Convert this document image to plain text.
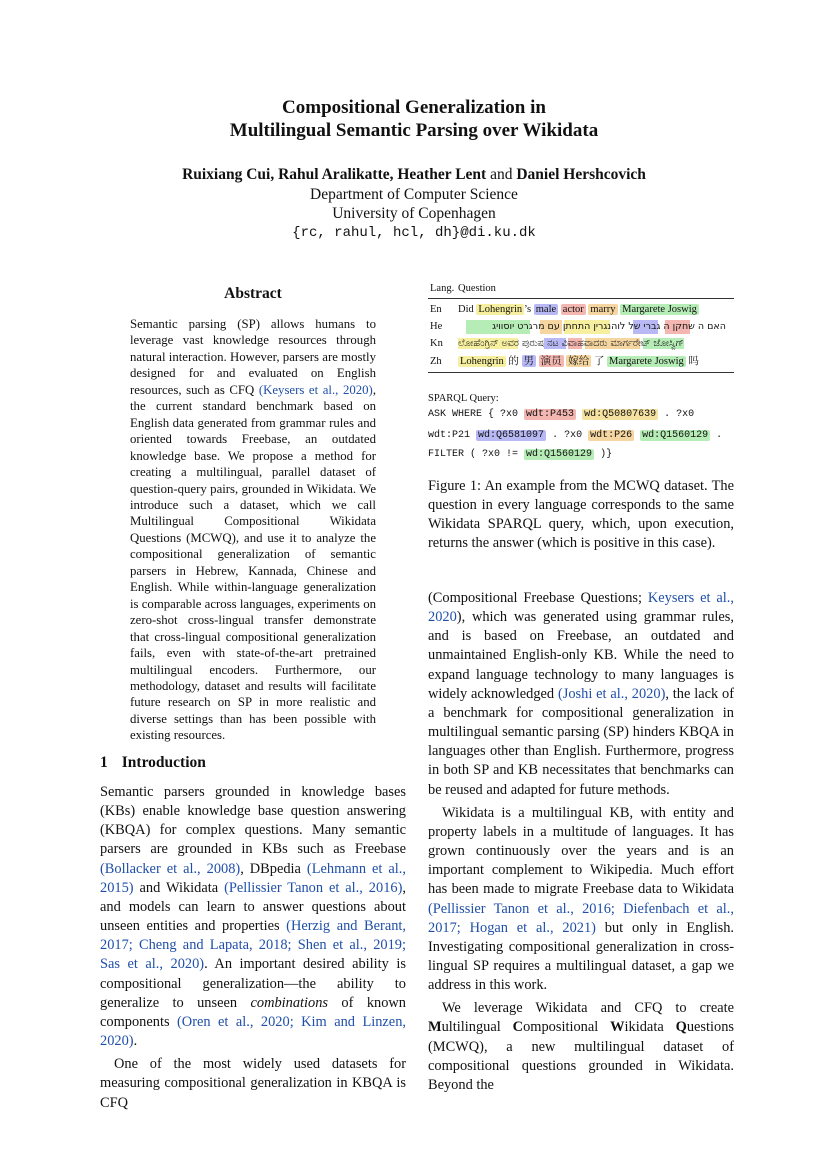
Compositional Generalization in
Multilingual Semantic Parsing over Wikidata
Ruixiang Cui, Rahul Aralikatte, Heather Lent and Daniel Hershcovich
Department of Computer Science
University of Copenhagen
{rc, rahul, hcl, dh}@di.ku.dk
Abstract
Semantic parsing (SP) allows humans to leverage vast knowledge resources through natural interaction. However, parsers are mostly designed for and evaluated on English resources, such as CFQ (Keysers et al., 2020), the current standard benchmark based on English data generated from grammar rules and oriented towards Freebase, an outdated knowledge base. We propose a method for creating a multilingual, parallel dataset of question-query pairs, grounded in Wikidata. We introduce such a dataset, which we call Multilingual Compositional Wikidata Questions (MCWQ), and use it to analyze the compositional generalization of semantic parsers in Hebrew, Kannada, Chinese and English. While within-language generalization is comparable across languages, experiments on zero-shot cross-lingual transfer demonstrate that cross-lingual compositional generalization fails, even with state-of-the-art pretrained multilingual encoders. Furthermore, our methodology, dataset and results will facilitate future research on SP in more realistic and diverse settings than has been possible with existing resources.
1 Introduction

Semantic parsers grounded in knowledge bases (KBs) enable knowledge base question answering (KBQA) for complex questions. Many semantic parsers are grounded in KBs such as Freebase (Bollacker et al., 2008), DBpedia (Lehmann et al., 2015) and Wikidata (Pellissier Tanon et al., 2016), and models can learn to answer questions about unseen entities and properties (Herzig and Berant, 2017; Cheng and Lapata, 2018; Shen et al., 2019; Sas et al., 2020). An important desired ability is compositional generalization—the ability to generalize to unseen combinations of known components (Oren et al., 2020; Kim and Linzen, 2020).

One of the most widely used datasets for measuring compositional generalization in KBQA is CFQ

Lang. Question
En Did Lohengrin ’s male actor marry Margarete Joswig
He	האם ה שחקן ה גברי של לוהנגרין התחתן עם מרגרט יוסוויג
Kn ಲೋಹೆಂಗ್ರಿನ್ ಅವರ ಪುರುಷ ನಟ ವಿವಾಹವಾದರು ಮಾರ್ಗರೇಟ್ ಜೋಸ್ವಿಗ್
Zh Lohengrin 的 男 演员 嫁给 了 Margarete Joswig 吗
SPARQL Query:
ASK WHERE { ?x0 wdt:P453 wd:Q50807639 . ?x0
wdt:P21 wd:Q6581097 . ?x0 wdt:P26 wd:Q1560129 .
FILTER ( ?x0 != wd:Q1560129 )}
Figure 1: An example from the MCWQ dataset. The question in every language corresponds to the same Wikidata SPARQL query, which, upon execution, returns the answer (which is positive in this case).

(Compositional Freebase Questions; Keysers et al., 2020), which was generated using grammar rules, and is based on Freebase, an outdated and unmaintained English-only KB. While the need to expand language technology to many languages is widely acknowledged (Joshi et al., 2020), the lack of a benchmark for compositional generalization in multilingual semantic parsing (SP) hinders KBQA in languages other than English. Furthermore, progress in both SP and KB necessitates that benchmarks can be reused and adapted for future methods.

Wikidata is a multilingual KB, with entity and property labels in a multitude of languages. It has grown continuously over the years and is an important complement to Wikipedia. Much effort has been made to migrate Freebase data to Wikidata (Pellissier Tanon et al., 2016; Diefenbach et al., 2017; Hogan et al., 2021) but only in English. Investigating compositional generalization in cross-lingual SP requires a multilingual dataset, a gap we address in this work.

We leverage Wikidata and CFQ to create Multilingual Compositional Wikidata Questions (MCWQ), a new multilingual dataset of compositional questions grounded in Wikidata. Beyond the
